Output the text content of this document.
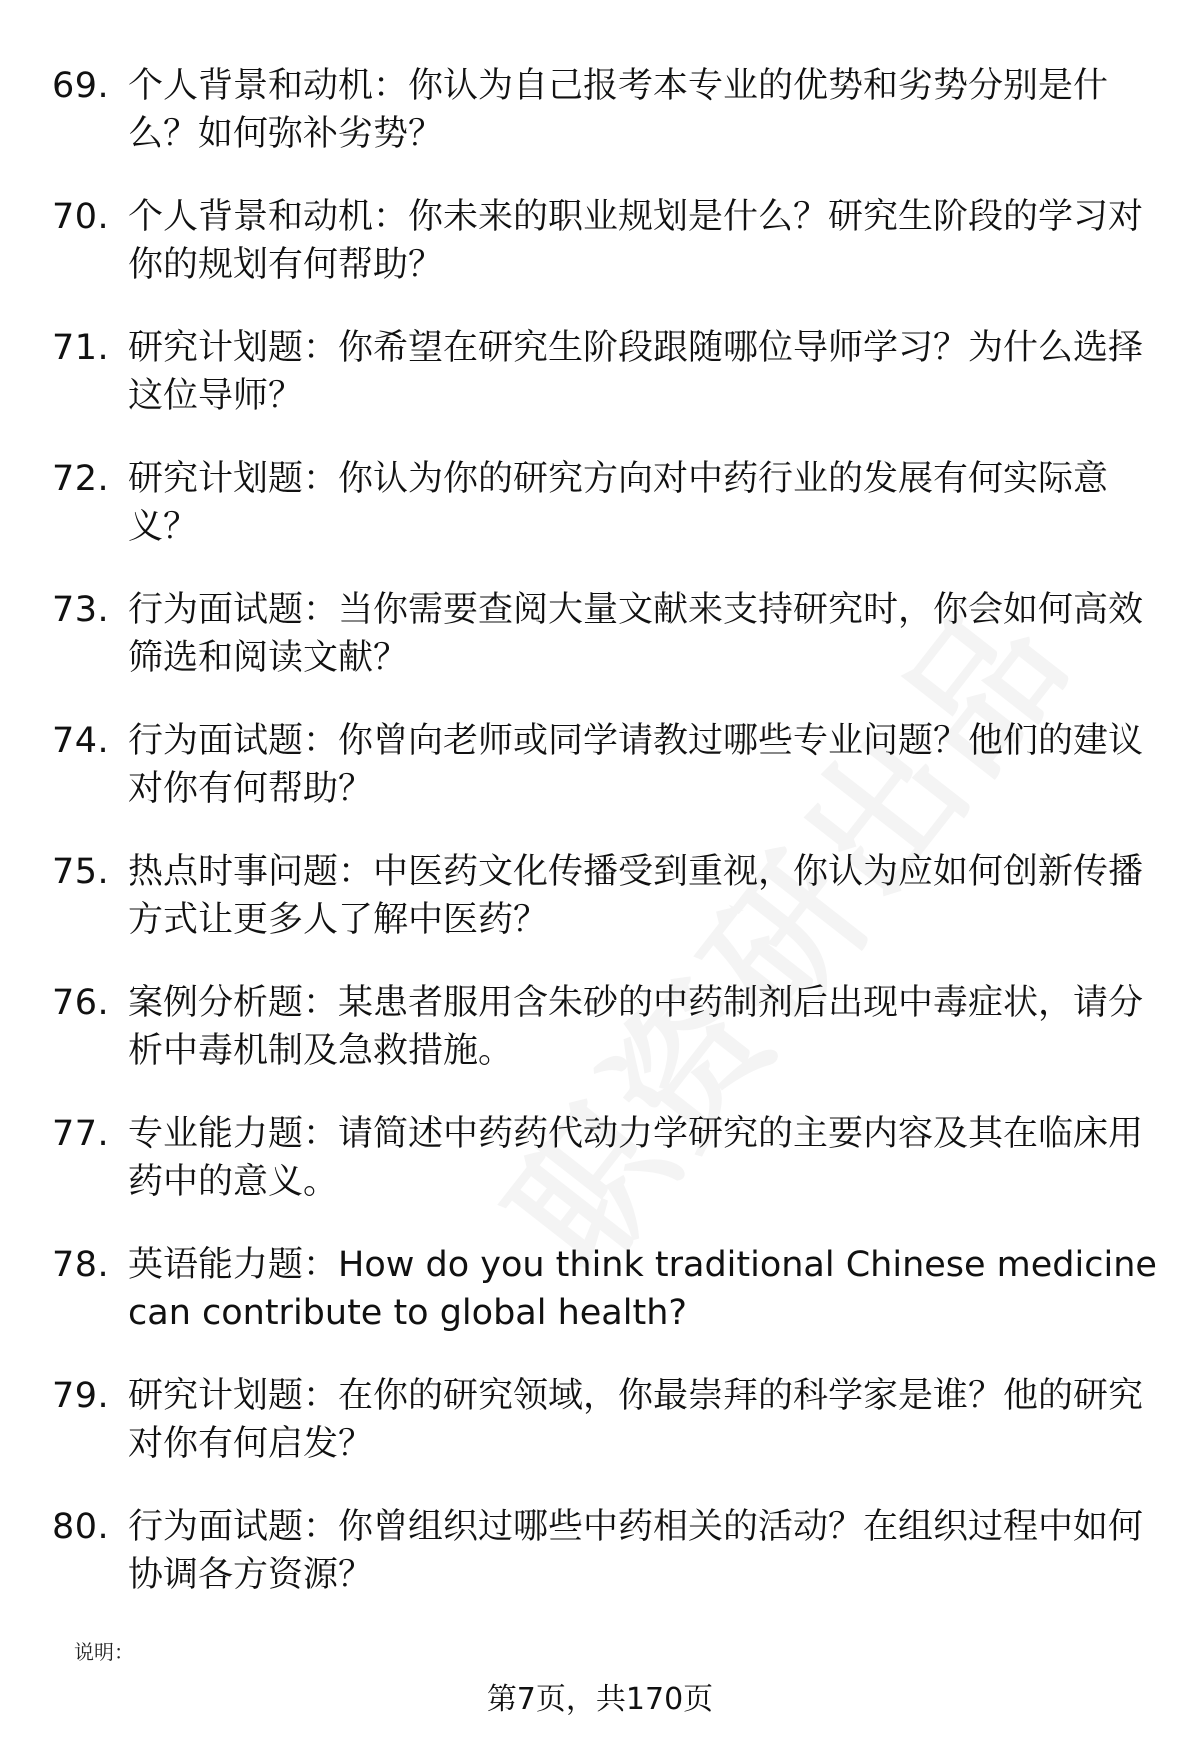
69. 个人背景和动机：你认为自己报考本专业的优势和劣势分别是什么？如何弥补劣势？
70. 个人背景和动机：你未来的职业规划是什么？研究生阶段的学习对你的规划有何帮助？
71. 研究计划题：你希望在研究生阶段跟随哪位导师学习？为什么选择这位导师？
72. 研究计划题：你认为你的研究方向对中药行业的发展有何实际意义？
73. 行为面试题：当你需要查阅大量文献来支持研究时，你会如何高效筛选和阅读文献？
74. 行为面试题：你曾向老师或同学请教过哪些专业问题？他们的建议对你有何帮助？
75. 热点时事问题：中医药文化传播受到重视，你认为应如何创新传播方式让更多人了解中医药？
76. 案例分析题：某患者服用含朱砂的中药制剂后出现中毒症状，请分析中毒机制及急救措施。
77. 专业能力题：请简述中药药代动力学研究的主要内容及其在临床用药中的意义。
78. 英语能力题：How do you think traditional Chinese medicine can contribute to global health?
79. 研究计划题：在你的研究领域，你最崇拜的科学家是谁？他的研究对你有何启发？
80. 行为面试题：你曾组织过哪些中药相关的活动？在组织过程中如何协调各方资源？
说明：
第7页，共170页
